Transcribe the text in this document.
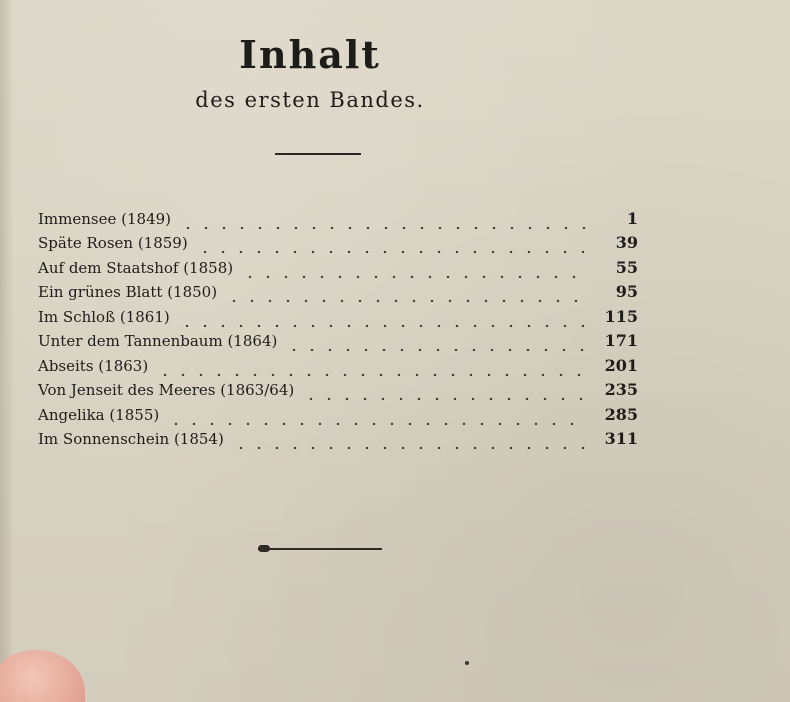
Inhalt
des ersten Bandes.
Immensee (1849)	1
Späte Rosen (1859)	39
Auf dem Staatshof (1858)	55
Ein grünes Blatt (1850)	95
Im Schloß (1861)	115
Unter dem Tannenbaum (1864)	171
Abseits (1863)	201
Von Jenseit des Meeres (1863/64)	235
Angelika (1855)	285
Im Sonnenschein (1854)	311
